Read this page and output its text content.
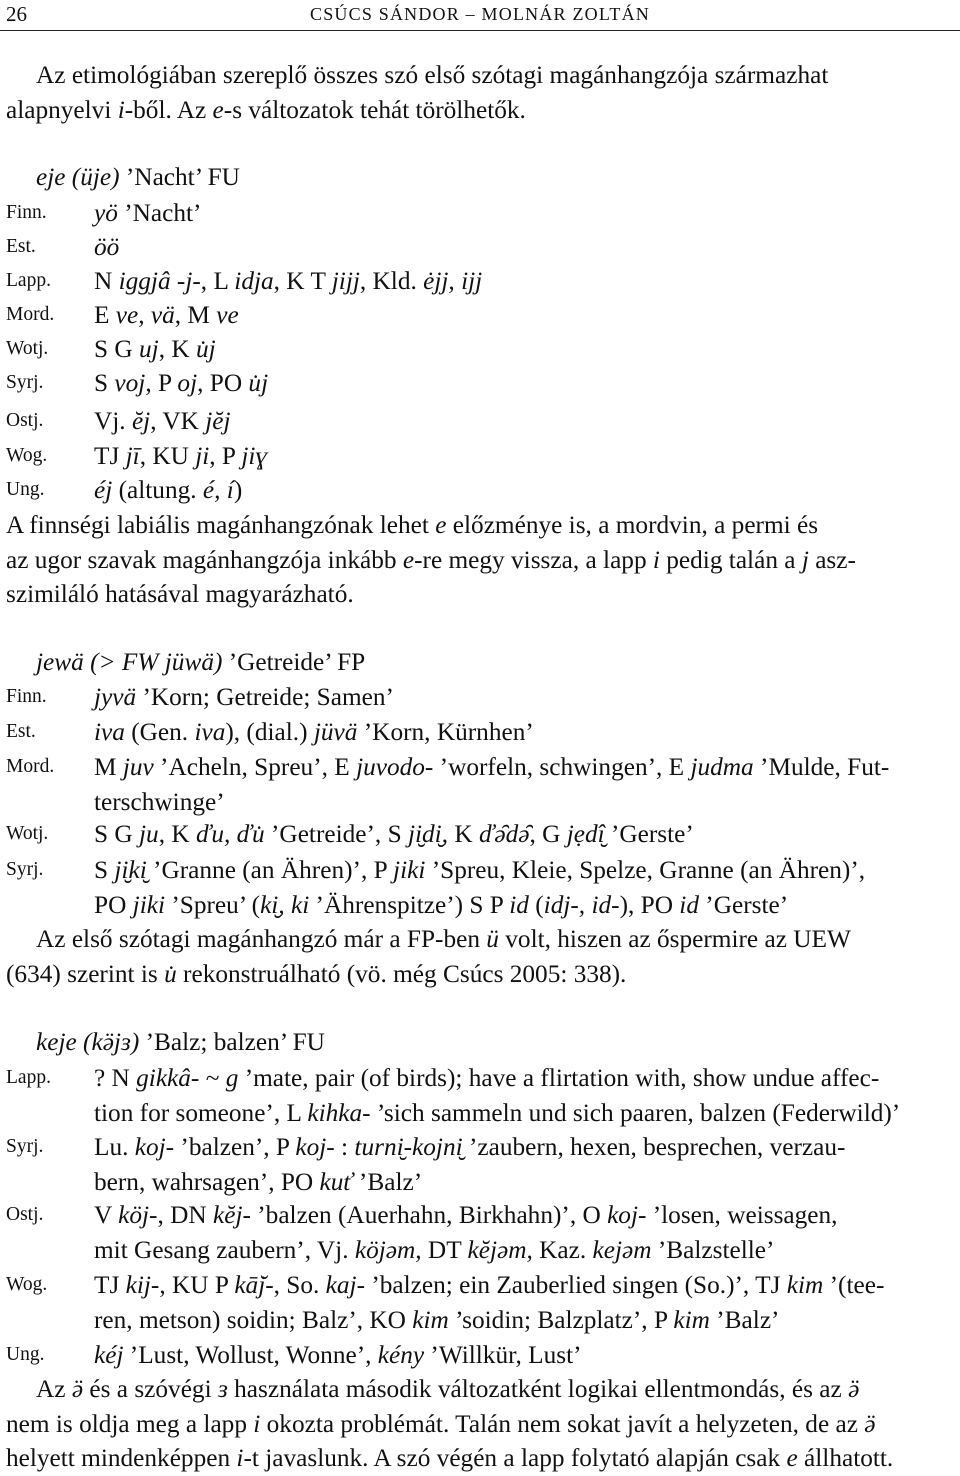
26	CSÚCS SÁNDOR – MOLNÁR ZOLTÁN
Az etimológiában szereplő összes szó első szótagi magánhangzója származhat
alapnyelvi i-ből. Az e-s változatok tehát törölhetők.
eje (üje) ’Nacht’ FU
Finn.	yö ’Nacht’
Est.	öö
Lapp.	N iggjâ -j-, L idja, K T jijj, Kld. ėjj, ijj
Mord.	E ve, vä, M ve
Wotj.	S G uj, K u̇j
Syrj.	S voj, P oj, PO u̇j
Ostj.	Vj. ĕj, VK jĕj
Wog.	TJ jī, KU ji, P jiɣ
Ung.	éj (altung. é, í)
A finnségi labiális magánhangzónak lehet e előzménye is, a mordvin, a permi és
az ugor szavak magánhangzója inkább e-re megy vissza, a lapp i pedig talán a j asz-
szimiláló hatásával magyarázható.
jewä (> FW jüwä) ’Getreide’ FP
Finn.	jyvä ’Korn; Getreide; Samen’
Est.	iva (Gen. iva), (dial.) jüvä ’Korn, Kürnhen’
Mord.	M juv ’Acheln, Spreu’, E juvodo- ’worfeln, schwingen’, E judma ’Mulde, Fut-
terschwinge’
Wotj.	S G ju, K ďu, ďu̇ ’Getreide’, S ji̮di̮, K ďə̑də̑, G jẹdî̮ ’Gerste’
Syrj.	S ji̮ki̮ ’Granne (an Ähren)’, P jiki ’Spreu, Kleie, Spelze, Granne (an Ähren)’,
PO jiki ’Spreu’ (ki̮, ki ’Ährenspitze’) S P id (idj-, id-), PO id ’Gerste’
Az első szótagi magánhangzó már a FP-ben ü volt, hiszen az őspermire az UEW
(634) szerint is u̇ rekonstruálható (vö. még Csúcs 2005: 338).
keje (kӛjɜ) ’Balz; balzen’ FU
Lapp.	? N gikkâ- ~ g ’mate, pair (of birds); have a flirtation with, show undue affec-
tion for someone’, L kihka- ’sich sammeln und sich paaren, balzen (Federwild)’
Syrj.	Lu. koj- ’balzen’, P koj- : turni̮-kojni̮ ’zaubern, hexen, besprechen, verzau-
bern, wahrsagen’, PO kuť ’Balz’
Ostj.	V köj-, DN kĕj- ’balzen (Auerhahn, Birkhahn)’, O koj- ’losen, weissagen,
mit Gesang zaubern’, Vj. köjəm, DT kĕjəm, Kaz. kejəm ’Balzstelle’
Wog.	TJ kij-, KU P kā̆j-, So. kaj- ’balzen; ein Zauberlied singen (So.)’, TJ kim ’(tee-
ren, metson) soidin; Balz’, KO kim ’soidin; Balzplatz’, P kim ’Balz’
Ung.	kéj ’Lust, Wollust, Wonne’, kény ’Willkür, Lust’
Az ӛ és a szóvégi ɜ használata második változatként logikai ellentmondás, és az ӛ
nem is oldja meg a lapp i okozta problémát. Talán nem sokat javít a helyzeten, de az ӛ
helyett mindenképpen i-t javaslunk. A szó végén a lapp folytató alapján csak e állhatott.
